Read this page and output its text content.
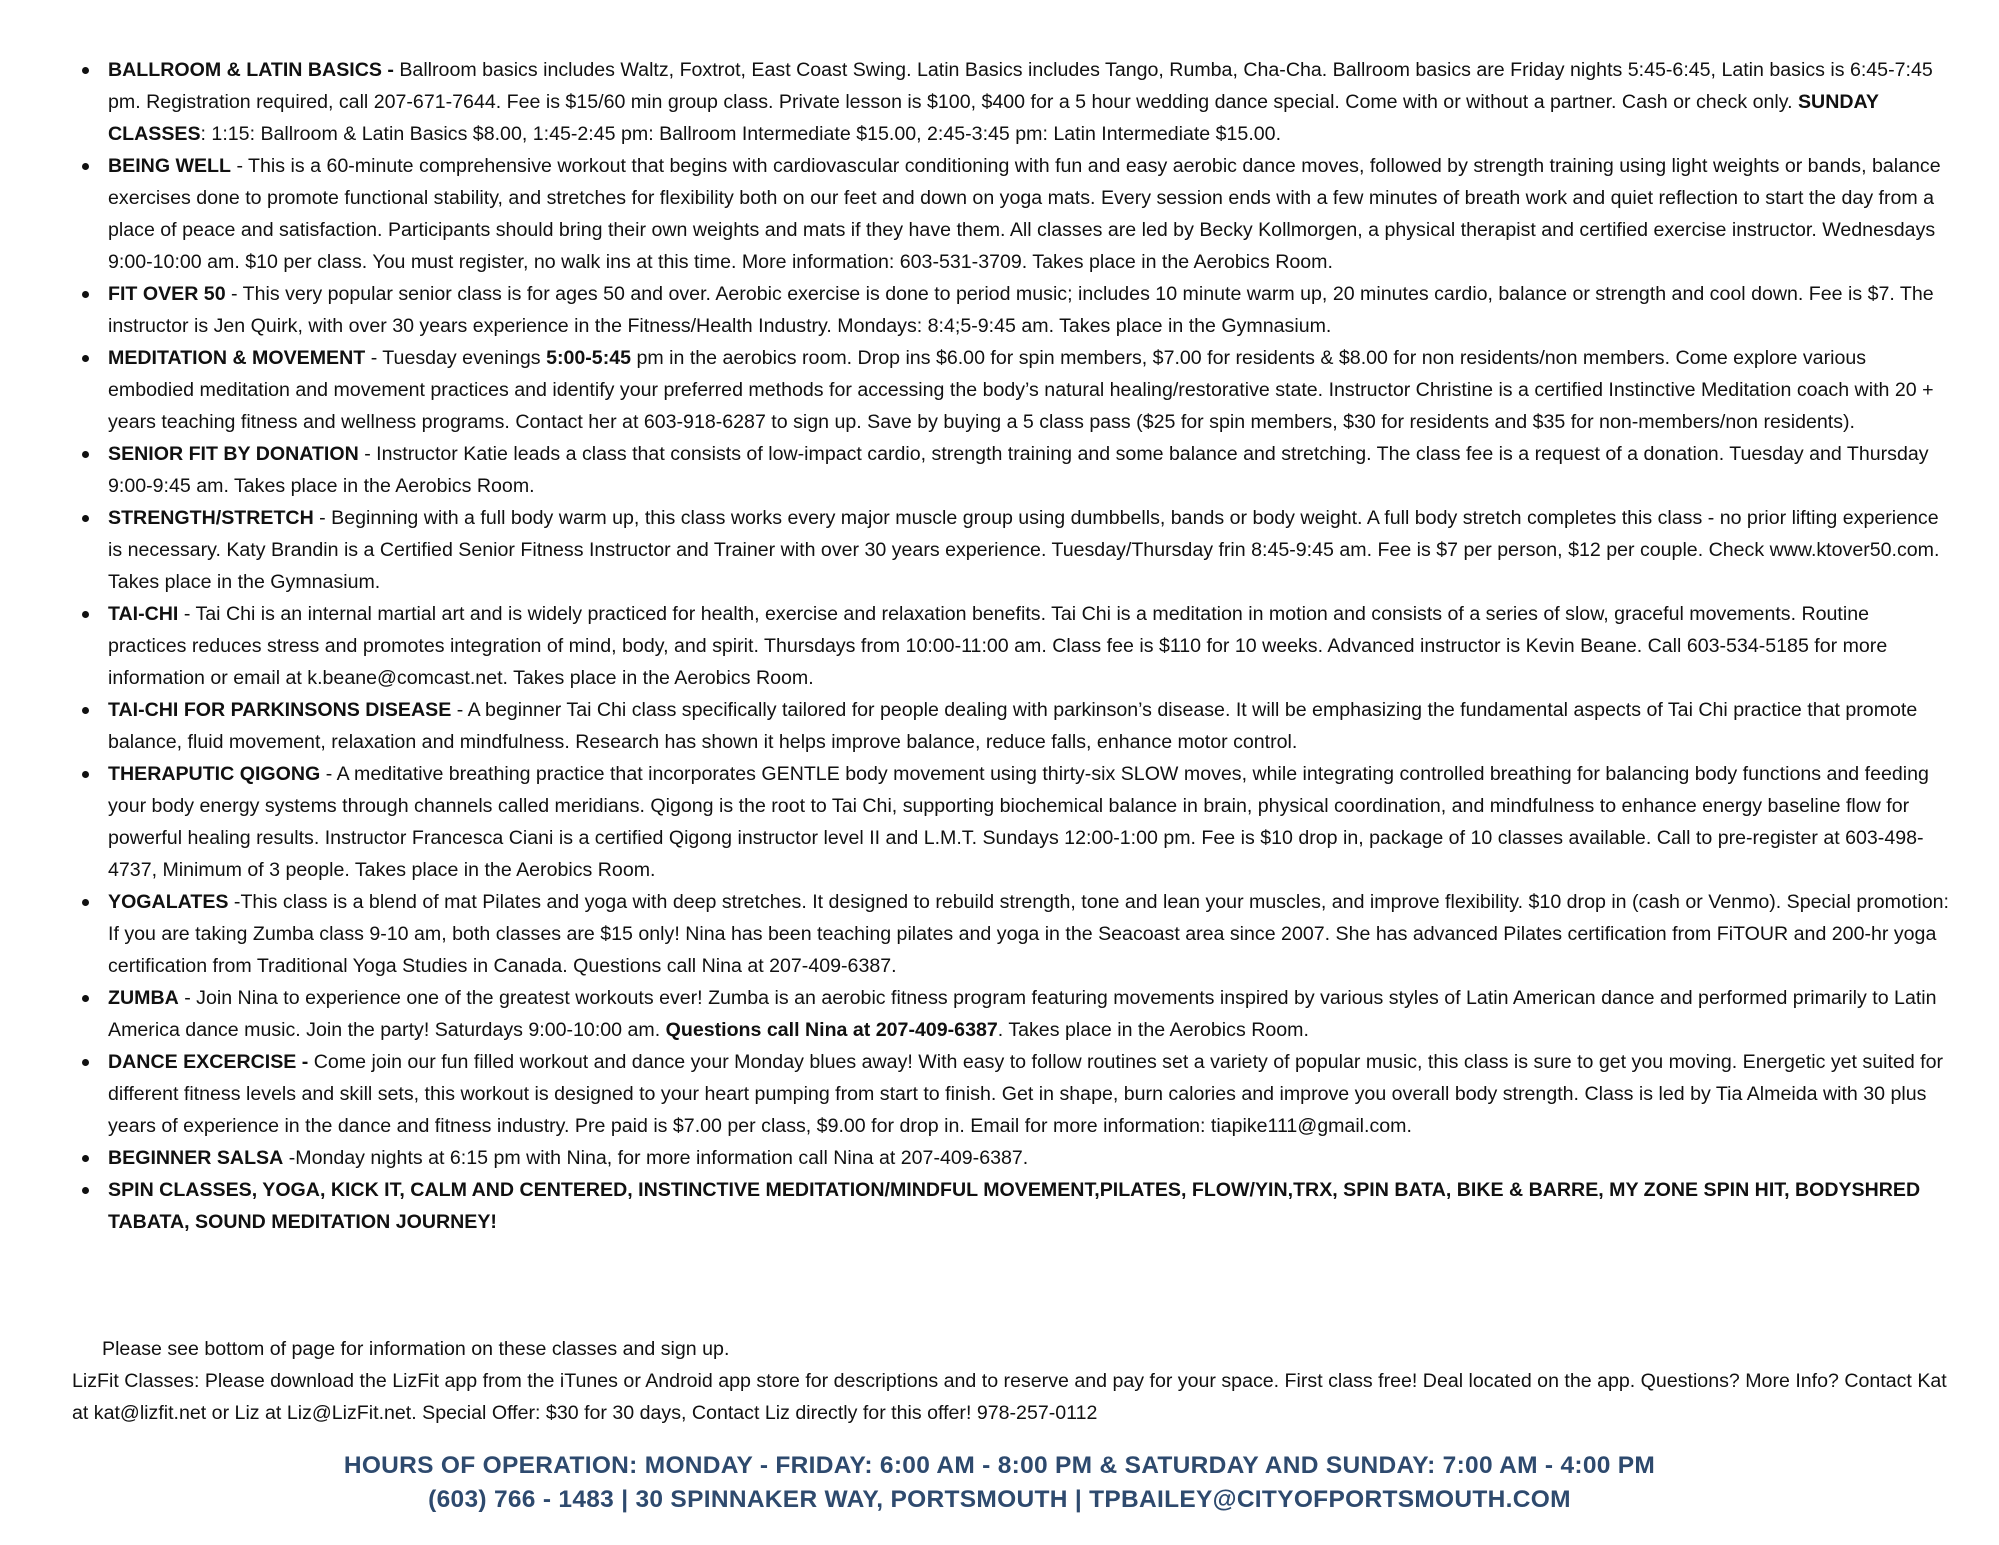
BALLROOM & LATIN BASICS - Ballroom basics includes Waltz, Foxtrot, East Coast Swing. Latin Basics includes Tango, Rumba, Cha-Cha. Ballroom basics are Friday nights 5:45-6:45, Latin basics is 6:45-7:45 pm. Registration required, call 207-671-7644. Fee is $15/60 min group class. Private lesson is $100, $400 for a 5 hour wedding dance special. Come with or without a partner. Cash or check only. SUNDAY CLASSES: 1:15: Ballroom & Latin Basics $8.00, 1:45-2:45 pm: Ballroom Intermediate $15.00, 2:45-3:45 pm: Latin Intermediate $15.00.
BEING WELL - This is a 60-minute comprehensive workout that begins with cardiovascular conditioning with fun and easy aerobic dance moves, followed by strength training using light weights or bands, balance exercises done to promote functional stability, and stretches for flexibility both on our feet and down on yoga mats. Every session ends with a few minutes of breath work and quiet reflection to start the day from a place of peace and satisfaction. Participants should bring their own weights and mats if they have them. All classes are led by Becky Kollmorgen, a physical therapist and certified exercise instructor. Wednesdays 9:00-10:00 am. $10 per class. You must register, no walk ins at this time. More information: 603-531-3709. Takes place in the Aerobics Room.
FIT OVER 50 - This very popular senior class is for ages 50 and over. Aerobic exercise is done to period music; includes 10 minute warm up, 20 minutes cardio, balance or strength and cool down. Fee is $7. The instructor is Jen Quirk, with over 30 years experience in the Fitness/Health Industry. Mondays: 8:4;5-9:45 am. Takes place in the Gymnasium.
MEDITATION & MOVEMENT - Tuesday evenings 5:00-5:45 pm in the aerobics room. Drop ins $6.00 for spin members, $7.00 for residents & $8.00 for non residents/non members. Come explore various embodied meditation and movement practices and identify your preferred methods for accessing the body’s natural healing/restorative state. Instructor Christine is a certified Instinctive Meditation coach with 20 + years teaching fitness and wellness programs. Contact her at 603-918-6287 to sign up. Save by buying a 5 class pass ($25 for spin members, $30 for residents and $35 for non-members/non residents).
SENIOR FIT BY DONATION - Instructor Katie leads a class that consists of low-impact cardio, strength training and some balance and stretching. The class fee is a request of a donation. Tuesday and Thursday 9:00-9:45 am. Takes place in the Aerobics Room.
STRENGTH/STRETCH - Beginning with a full body warm up, this class works every major muscle group using dumbbells, bands or body weight. A full body stretch completes this class - no prior lifting experience is necessary. Katy Brandin is a Certified Senior Fitness Instructor and Trainer with over 30 years experience. Tuesday/Thursday frin 8:45-9:45 am. Fee is $7 per person, $12 per couple. Check www.ktover50.com. Takes place in the Gymnasium.
TAI-CHI - Tai Chi is an internal martial art and is widely practiced for health, exercise and relaxation benefits. Tai Chi is a meditation in motion and consists of a series of slow, graceful movements. Routine practices reduces stress and promotes integration of mind, body, and spirit. Thursdays from 10:00-11:00 am. Class fee is $110 for 10 weeks. Advanced instructor is Kevin Beane. Call 603-534-5185 for more information or email at k.beane@comcast.net. Takes place in the Aerobics Room.
TAI-CHI FOR PARKINSONS DISEASE - A beginner Tai Chi class specifically tailored for people dealing with parkinson’s disease. It will be emphasizing the fundamental aspects of Tai Chi practice that promote balance, fluid movement, relaxation and mindfulness. Research has shown it helps improve balance, reduce falls, enhance motor control.
THERAPUTIC QIGONG - A meditative breathing practice that incorporates GENTLE body movement using thirty-six SLOW moves, while integrating controlled breathing for balancing body functions and feeding your body energy systems through channels called meridians. Qigong is the root to Tai Chi, supporting biochemical balance in brain, physical coordination, and mindfulness to enhance energy baseline flow for powerful healing results. Instructor Francesca Ciani is a certified Qigong instructor level II and L.M.T. Sundays 12:00-1:00 pm. Fee is $10 drop in, package of 10 classes available. Call to pre-register at 603-498-4737, Minimum of 3 people. Takes place in the Aerobics Room.
YOGALATES -This class is a blend of mat Pilates and yoga with deep stretches. It designed to rebuild strength, tone and lean your muscles, and improve flexibility. $10 drop in (cash or Venmo). Special promotion: If you are taking Zumba class 9-10 am, both classes are $15 only! Nina has been teaching pilates and yoga in the Seacoast area since 2007. She has advanced Pilates certification from FiTOUR and 200-hr yoga certification from Traditional Yoga Studies in Canada. Questions call Nina at 207-409-6387.
ZUMBA - Join Nina to experience one of the greatest workouts ever! Zumba is an aerobic fitness program featuring movements inspired by various styles of Latin American dance and performed primarily to Latin America dance music. Join the party! Saturdays 9:00-10:00 am. Questions call Nina at 207-409-6387. Takes place in the Aerobics Room.
DANCE EXCERCISE - Come join our fun filled workout and dance your Monday blues away! With easy to follow routines set a variety of popular music, this class is sure to get you moving. Energetic yet suited for different fitness levels and skill sets, this workout is designed to your heart pumping from start to finish. Get in shape, burn calories and improve you overall body strength. Class is led by Tia Almeida with 30 plus years of experience in the dance and fitness industry. Pre paid is $7.00 per class, $9.00 for drop in. Email for more information: tiapike111@gmail.com.
BEGINNER SALSA -Monday nights at 6:15 pm with Nina, for more information call Nina at 207-409-6387.
SPIN CLASSES, YOGA, KICK IT, CALM AND CENTERED, INSTINCTIVE MEDITATION/MINDFUL MOVEMENT,PILATES, FLOW/YIN,TRX, SPIN BATA, BIKE & BARRE, MY ZONE SPIN HIT, BODYSHRED TABATA, SOUND MEDITATION JOURNEY!
Please see bottom of page for information on these classes and sign up.
LizFit Classes: Please download the LizFit app from the iTunes or Android app store for descriptions and to reserve and pay for your space. First class free! Deal located on the app. Questions? More Info? Contact Kat at kat@lizfit.net or Liz at Liz@LizFit.net. Special Offer: $30 for 30 days, Contact Liz directly for this offer! 978-257-0112
HOURS OF OPERATION: MONDAY - FRIDAY: 6:00 AM - 8:00 PM & SATURDAY AND SUNDAY: 7:00 AM - 4:00 PM
(603) 766 - 1483 | 30 SPINNAKER WAY, PORTSMOUTH | TPBAILEY@CITYOFPORTSMOUTH.COM
